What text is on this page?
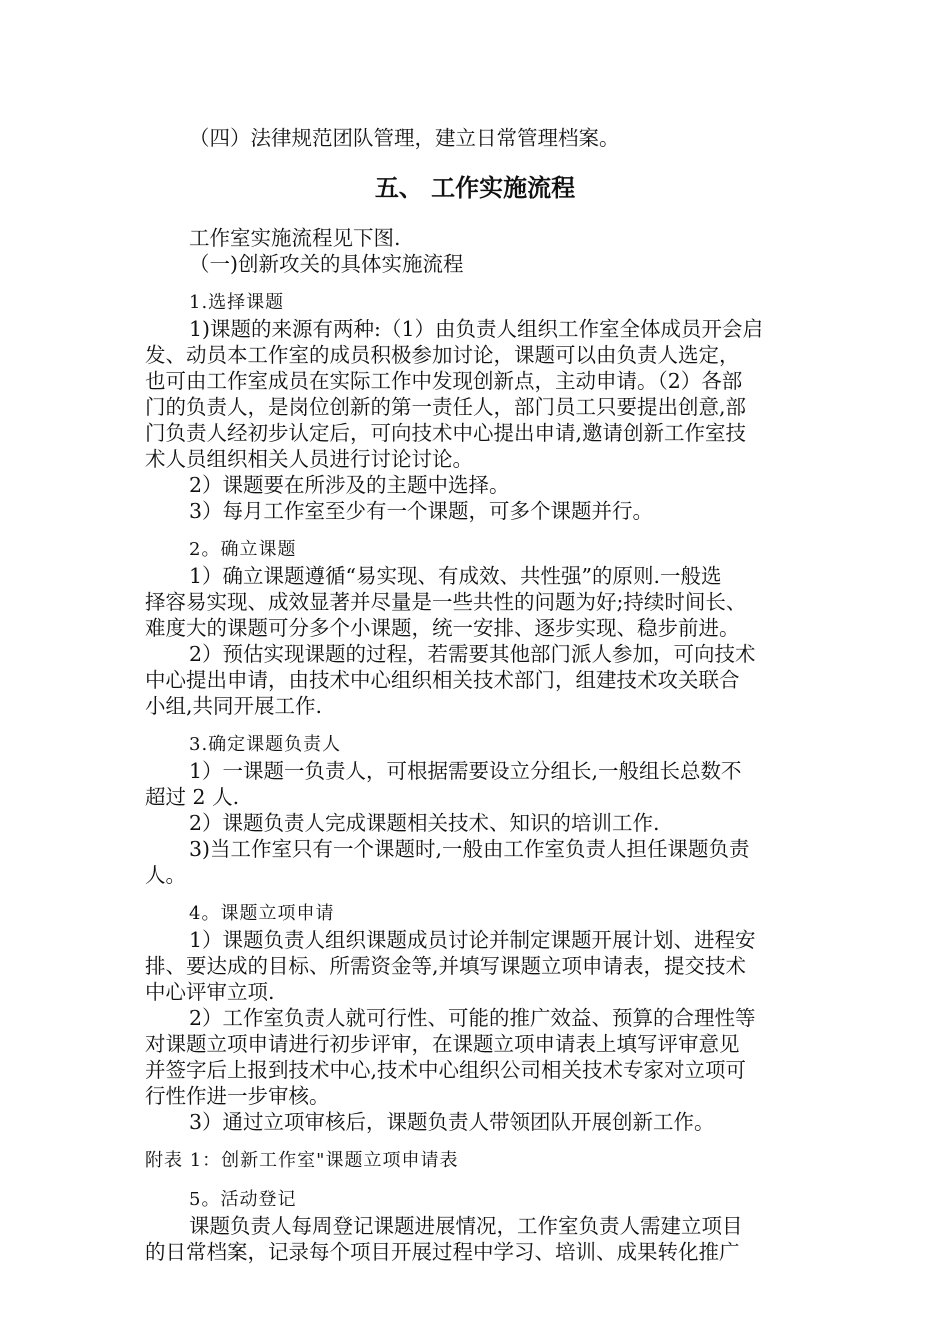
（四）法律规范团队管理，建立日常管理档案。
五、 工作实施流程
工作室实施流程见下图.
（一)创新攻关的具体实施流程
1.选择课题
1)课题的来源有两种:（1）由负责人组织工作室全体成员开会启
发、动员本工作室的成员积极参加讨论，课题可以由负责人选定，
也可由工作室成员在实际工作中发现创新点，主动申请。（2）各部
门的负责人，是岗位创新的第一责任人，部门员工只要提出创意,部
门负责人经初步认定后，可向技术中心提出申请,邀请创新工作室技
术人员组织相关人员进行讨论讨论。
2）课题要在所涉及的主题中选择。
3）每月工作室至少有一个课题，可多个课题并行。
2。确立课题
1）确立课题遵循“易实现、有成效、共性强”的原则.一般选
择容易实现、成效显著并尽量是一些共性的问题为好;持续时间长、
难度大的课题可分多个小课题，统一安排、逐步实现、稳步前进。
2）预估实现课题的过程，若需要其他部门派人参加，可向技术
中心提出申请，由技术中心组织相关技术部门，组建技术攻关联合
小组,共同开展工作.
3.确定课题负责人
1）一课题一负责人，可根据需要设立分组长,一般组长总数不
超过 2 人.
2）课题负责人完成课题相关技术、知识的培训工作.
3)当工作室只有一个课题时,一般由工作室负责人担任课题负责
人。
4。课题立项申请
1）课题负责人组织课题成员讨论并制定课题开展计划、进程安
排、要达成的目标、所需资金等,并填写课题立项申请表，提交技术
中心评审立项.
2）工作室负责人就可行性、可能的推广效益、预算的合理性等
对课题立项申请进行初步评审，在课题立项申请表上填写评审意见
并签字后上报到技术中心,技术中心组织公司相关技术专家对立项可
行性作进一步审核。
3）通过立项审核后，课题负责人带领团队开展创新工作。
附表 1：创新工作室"课题立项申请表
5。活动登记
课题负责人每周登记课题进展情况，工作室负责人需建立项目
的日常档案，记录每个项目开展过程中学习、培训、成果转化推广
